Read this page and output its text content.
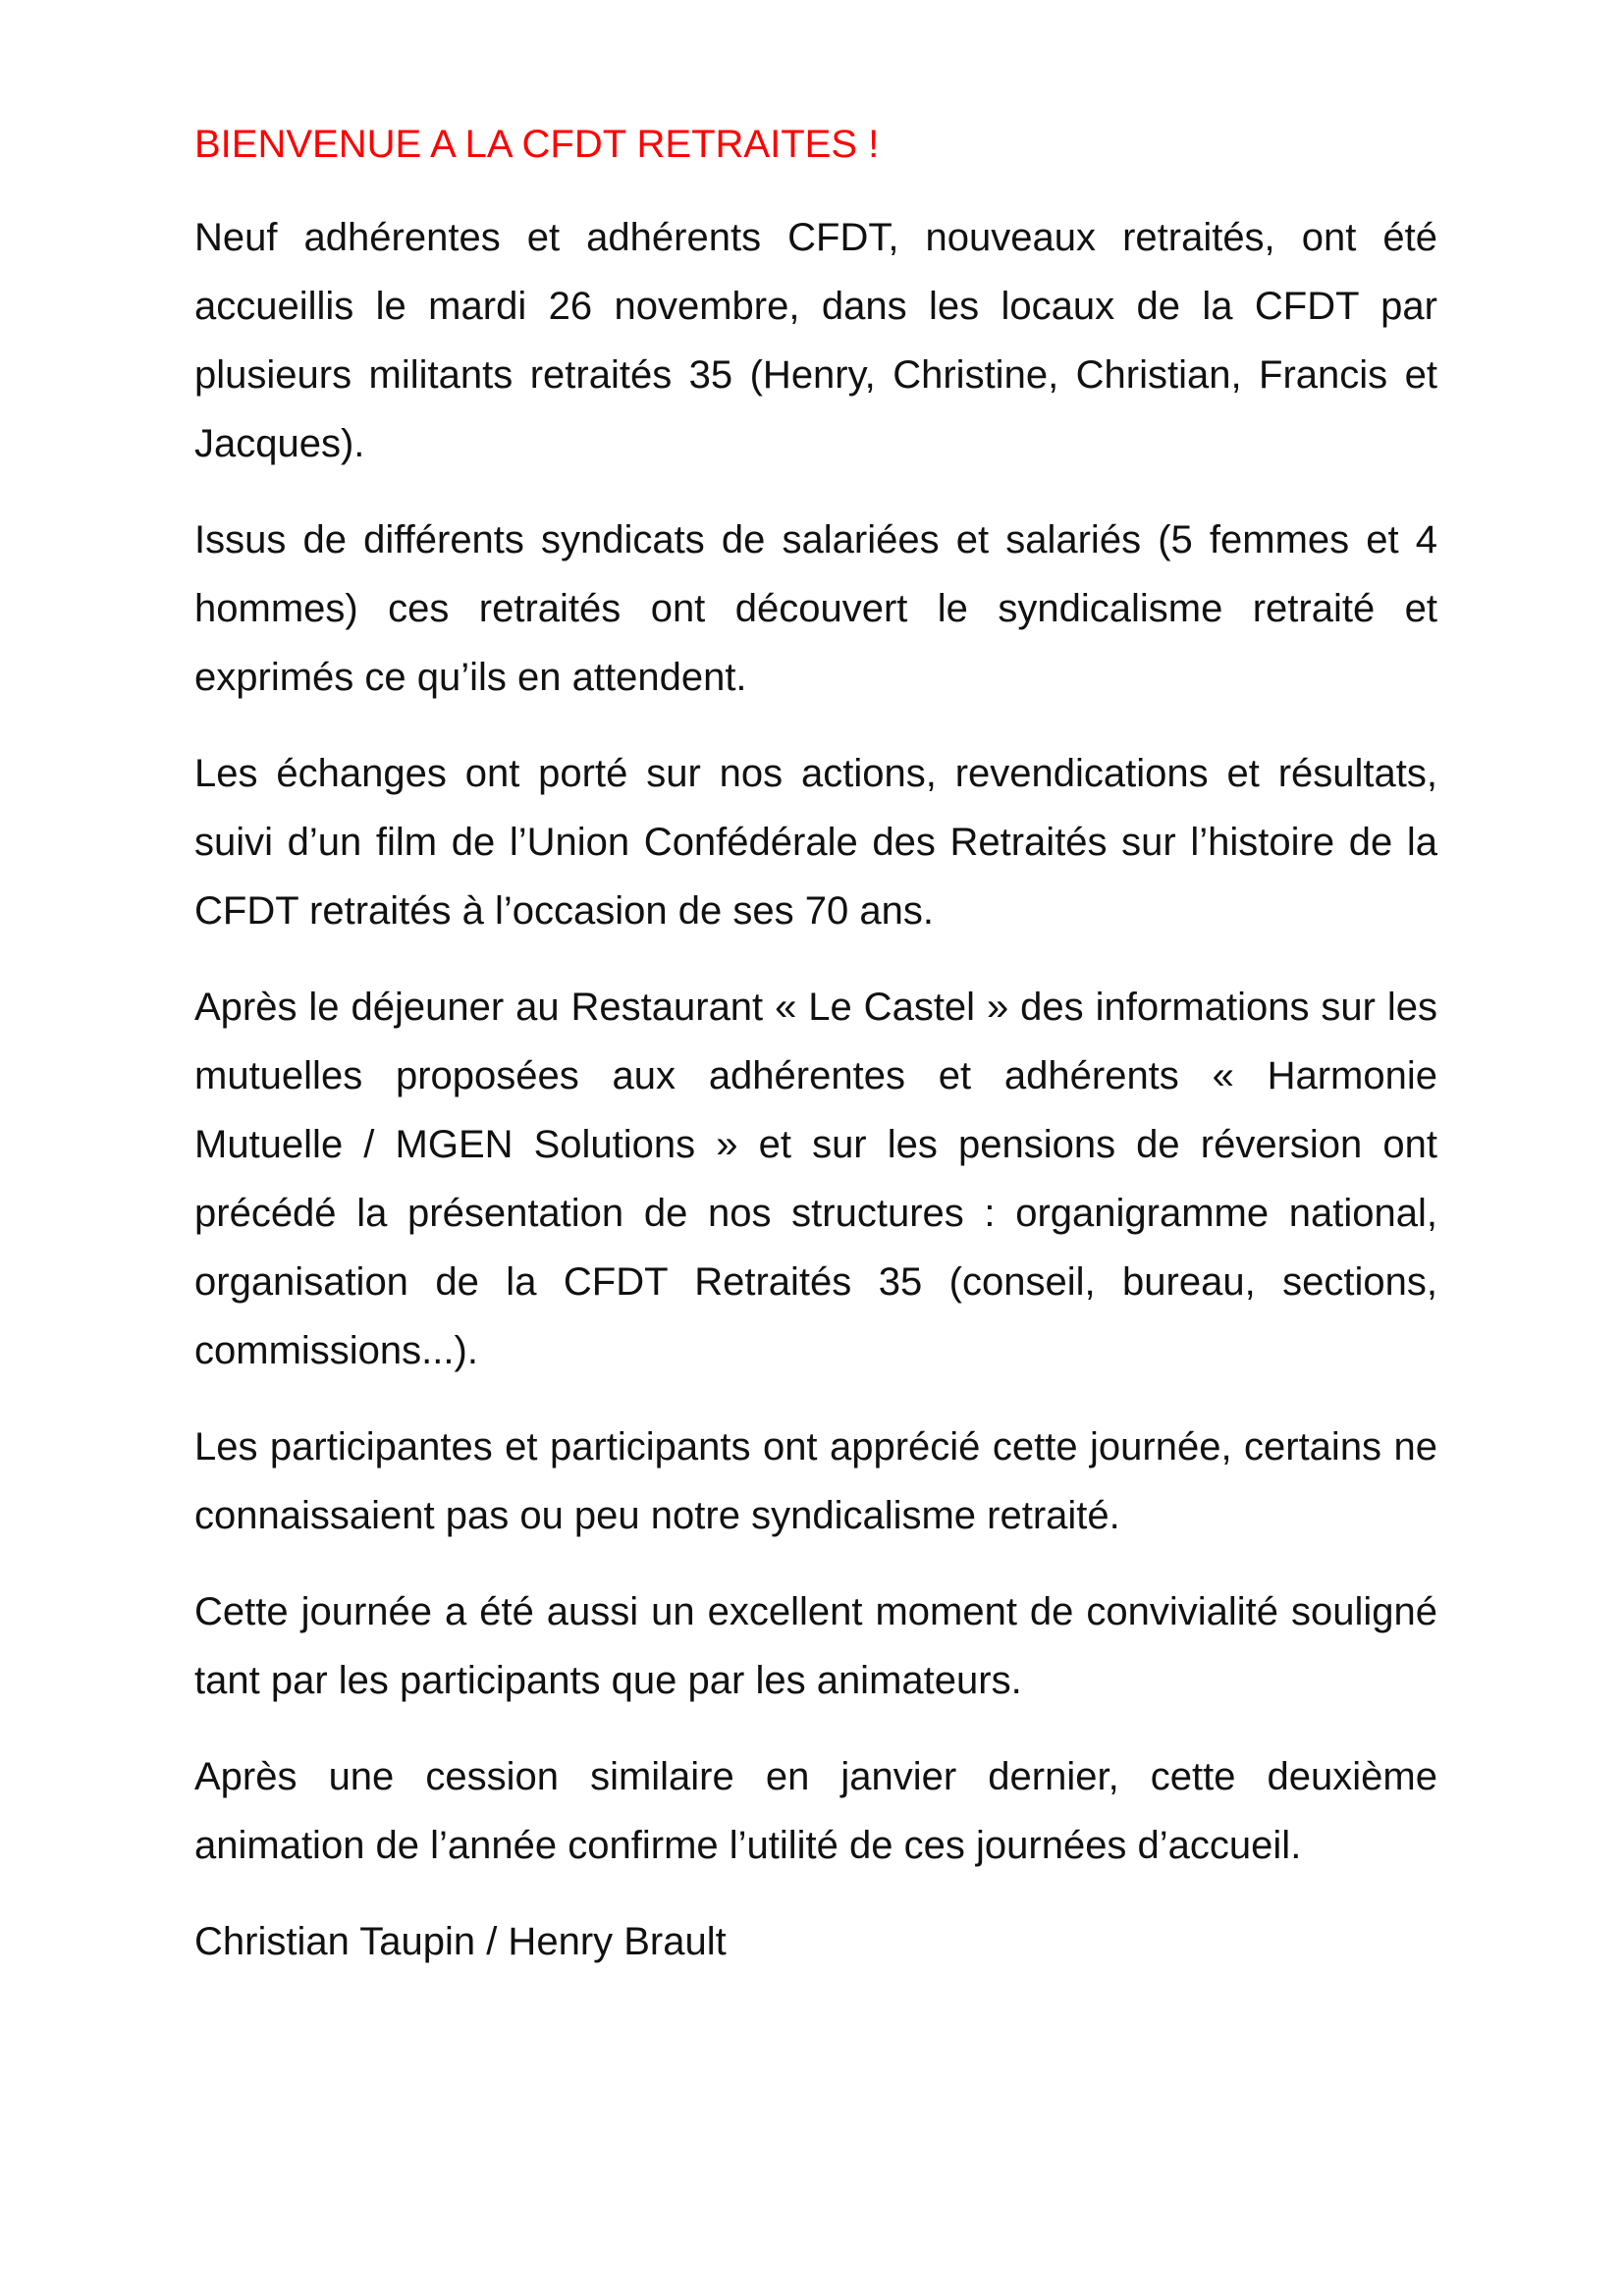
BIENVENUE A LA CFDT RETRAITES !

Neuf adhérentes et adhérents CFDT, nouveaux retraités, ont été accueillis le mardi 26 novembre, dans les locaux de la CFDT par plusieurs militants retraités 35 (Henry, Christine, Christian, Francis et Jacques).

Issus de différents syndicats de salariées et salariés (5 femmes et 4 hommes) ces retraités ont découvert le syndicalisme retraité et exprimés ce qu’ils en attendent.

Les échanges ont porté sur nos actions, revendications et résultats, suivi d’un film de l’Union Confédérale des Retraités sur l’histoire de la CFDT retraités à l’occasion de ses 70 ans.

Après le déjeuner au Restaurant « Le Castel » des informations sur les mutuelles proposées aux adhérentes et adhérents « Harmonie Mutuelle / MGEN Solutions » et sur les pensions de réversion ont précédé la présentation de nos structures : organigramme national, organisation de la CFDT Retraités 35 (conseil, bureau, sections, commissions...).

Les participantes et participants ont apprécié cette journée, certains ne connaissaient pas ou peu notre syndicalisme retraité.

Cette journée a été aussi un excellent moment de convivialité souligné tant par les participants que par les animateurs.

Après une cession similaire en janvier dernier, cette deuxième animation de l’année confirme l’utilité de ces journées d’accueil.

Christian Taupin / Henry Brault
